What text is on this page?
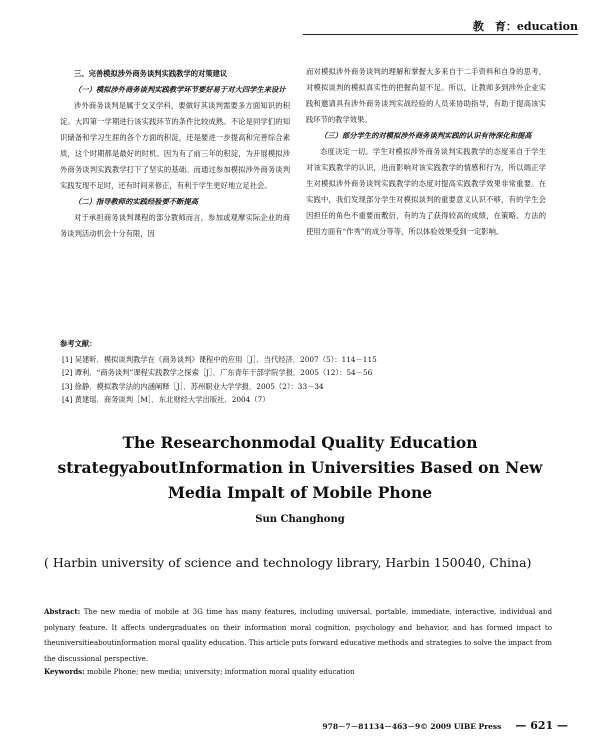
教　育：education

三、完善模拟涉外商务谈判实践教学的对策建议

（一）模拟涉外商务谈判实践教学环节要好易于对大四学生来设计

涉外商务谈判是属于交叉学科，要做好其谈判需要多方面知识的积淀。大四第一学期进行该实践环节的条件比较成熟。不论是同学们的知识储备和学习生涯的各个方面的积淀，还是要进一步提高和完善综合素质，这个时期都是最好的时机。因为有了前三年的积淀，为开展模拟涉外商务谈判实践教学打下了坚实的基础。而通过参加模拟涉外商务谈判实践发现不足时，还有时间来修正，有利于学生更好地立足社会。

（二）指导教师的实践经验要不断提高

对于承担商务谈判课程的部分教师而言，参加或观摩实际企业的商务谈判活动机会十分有限，因

而对模拟涉外商务谈判的理解和掌握大多来自于二手资料和自身的思考，对模拟谈判的模拟真实性的把握尚显不足。所以，让教师多到涉外企业实践和邀请具有涉外商务谈判实战经验的人员来协助指导，有助于提高该实践环节的教学效果。

（三）部分学生的对模拟涉外商务谈判实践的认识有待深化和提高

态度决定一切。学生对模拟涉外商务谈判实践教学的态度来自于学生对该实践教学的认识，进而影响对该实践教学的情感和行为，所以端正学生对模拟涉外商务谈判实践教学的态度对提高实践教学效果非常重要。在实践中，我们发现部分学生对模拟谈判的重要意义认识不够，有的学生会因担任的角色不重要而敷衍，有的为了获得较高的成绩，在策略、方法的使用方面有“作秀”的成分等等，所以体验效果受到一定影响。

参考文献：
[1] 吴建昕．模拟谈判教学在《商务谈判》课程中的应用［J］．当代经济．2007（5）：114－115
[2] 谭利．“商务谈判”课程实践教学之探索［J］．广东青年干部学院学报．2005（12）：54－56
[3] 徐静．模拟教学法的内涵阐释［J］．苏州职业大学学报．2005（2）：33－34
[4] 黄建瑶．商务谈判［M］．东北财经大学出版社．2004（7）
The Researchonmodal Quality Education strategyaboutInformation in Universities Based on New Media Impalt of Mobile Phone
Sun Changhong
( Harbin university of science and technology library, Harbin 150040, China)
Abstract: The new media of mobile at 3G time has many features, including universal, portable, immediate, interactive, individual and polynary feature. It affects undergraduates on their information moral cognition, psychology and behavior, and has formed impact to theuniversitieaboutinformation moral quality education. This article puts forward educative methods and strategies to solve the impact from the discussional perspective.
Keywords: mobile Phone; new media; university; information moral quality education
978－7－81134－463－9© 2009 UIBE Press — 621 —
